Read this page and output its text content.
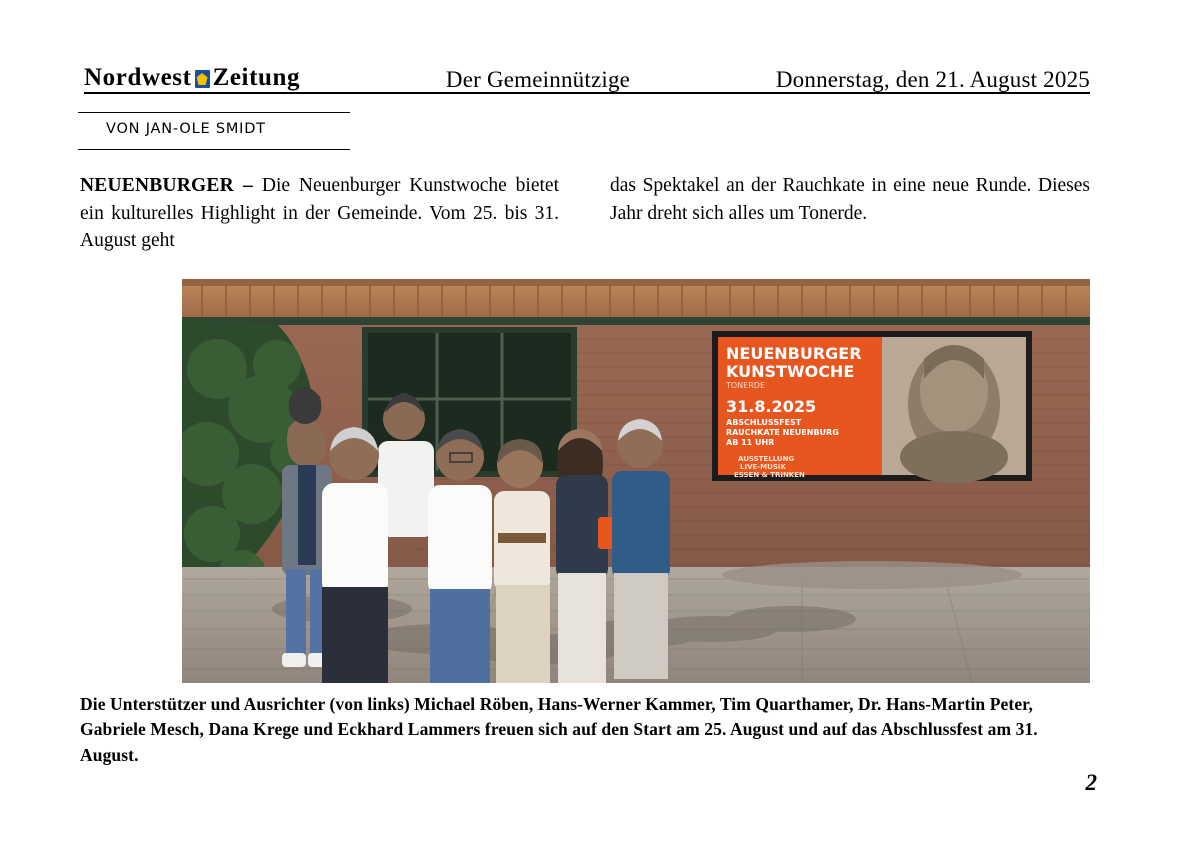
Nordwest Zeitung	Der Gemeinnützige	Donnerstag, den 21. August 2025
VON JAN-OLE SMIDT
NEUENBURGER – Die Neuenburger Kunstwoche bietet ein kulturelles Highlight in der Gemeinde. Vom 25. bis 31. August geht
das Spektakel an der Rauchkate in eine neue Runde. Dieses Jahr dreht sich alles um Tonerde.
NEUENBURGER
KUNSTWOCHE
TONERDE
31.8.2025
ABSCHLUSSFEST
RAUCHKATE NEUENBURG
AB 11 UHR
AUSSTELLUNG
LIVE-MUSIK
ESSEN & TRINKEN
Die Unterstützer und Ausrichter (von links) Michael Röben, Hans-Werner Kammer, Tim Quarthamer, Dr. Hans-Martin Peter, Gabriele Mesch, Dana Krege und Eckhard Lammers freuen sich auf den Start am 25. August und auf das Abschlussfest am 31. August.
2
